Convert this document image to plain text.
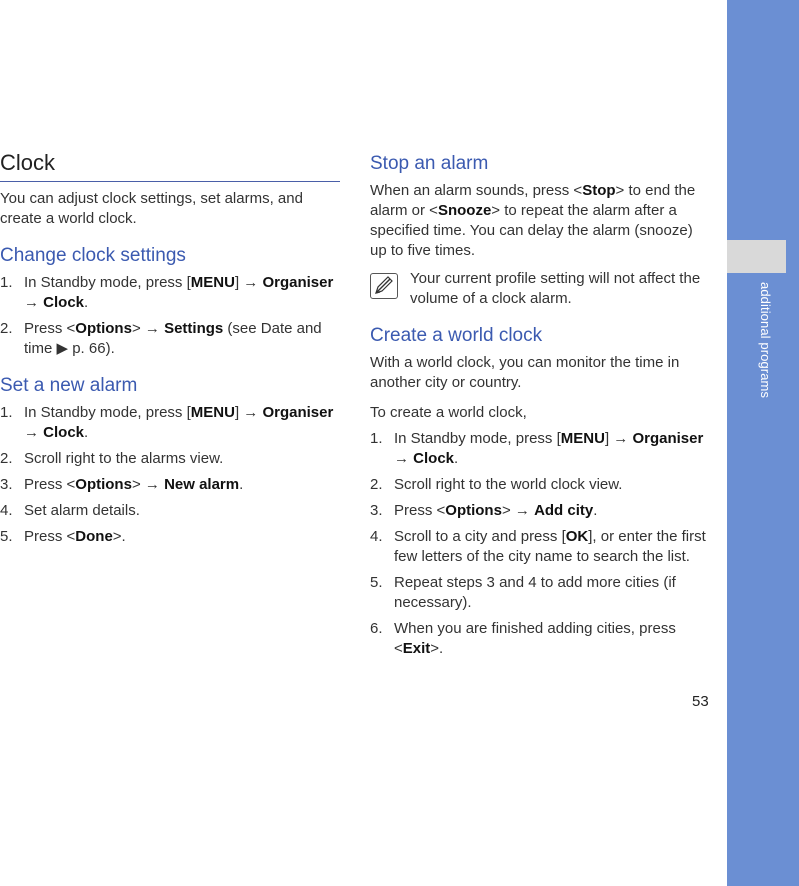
additional programs
Clock

You can adjust clock settings, set alarms, and create a world clock.

Change clock settings
1. In Standby mode, press [MENU] → Organiser → Clock.
2. Press <Options> → Settings (see Date and time ▶ p. 66).
Set a new alarm
1. In Standby mode, press [MENU] → Organiser → Clock.
2. Scroll right to the alarms view.
3. Press <Options> → New alarm.
4. Set alarm details.
5. Press <Done>.
Stop an alarm

When an alarm sounds, press <Stop> to end the alarm or <Snooze> to repeat the alarm after a specified time. You can delay the alarm (snooze) up to five times.

Your current profile setting will not affect the volume of a clock alarm.
Create a world clock

With a world clock, you can monitor the time in another city or country.

To create a world clock,

1. In Standby mode, press [MENU] → Organiser → Clock.
2. Scroll right to the world clock view.
3. Press <Options> → Add city.
4. Scroll to a city and press [OK], or enter the first few letters of the city name to search the list.
5. Repeat steps 3 and 4 to add more cities (if necessary).
6. When you are finished adding cities, press <Exit>.
53
